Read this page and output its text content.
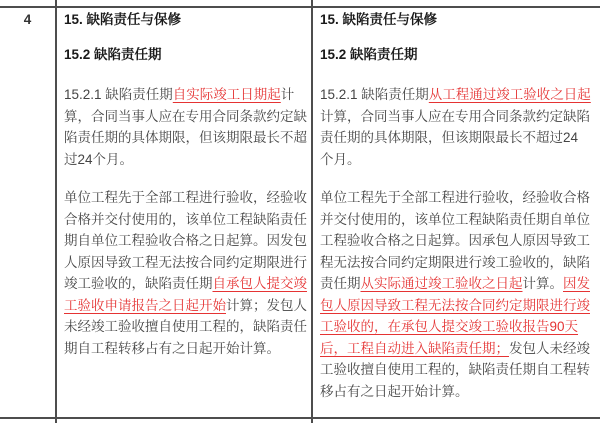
4	15. 缺陷责任与保修

15.2 缺陷责任期

15.2.1 缺陷责任期自实际竣工日期起计算，合同当事人应在专用合同条款约定缺陷责任期的具体期限，但该期限最长不超过24个月。

单位工程先于全部工程进行验收，经验收合格并交付使用的，该单位工程缺陷责任期自单位工程验收合格之日起算。因发包人原因导致工程无法按合同约定期限进行竣工验收的，缺陷责任期自承包人提交竣工验收申请报告之日起开始计算；发包人未经竣工验收擅自使用工程的，缺陷责任期自工程转移占有之日起开始计算。

15. 缺陷责任与保修

15.2 缺陷责任期

15.2.1 缺陷责任期从工程通过竣工验收之日起计算，合同当事人应在专用合同条款约定缺陷责任期的具体期限，但该期限最长不超过24个月。

单位工程先于全部工程进行验收，经验收合格并交付使用的，该单位工程缺陷责任期自单位工程验收合格之日起算。因承包人原因导致工程无法按合同约定期限进行竣工验收的，缺陷责任期从实际通过竣工验收之日起计算。因发包人原因导致工程无法按合同约定期限进行竣工验收的，在承包人提交竣工验收报告90天后，工程自动进入缺陷责任期；发包人未经竣工验收擅自使用工程的，缺陷责任期自工程转移占有之日起开始计算。
